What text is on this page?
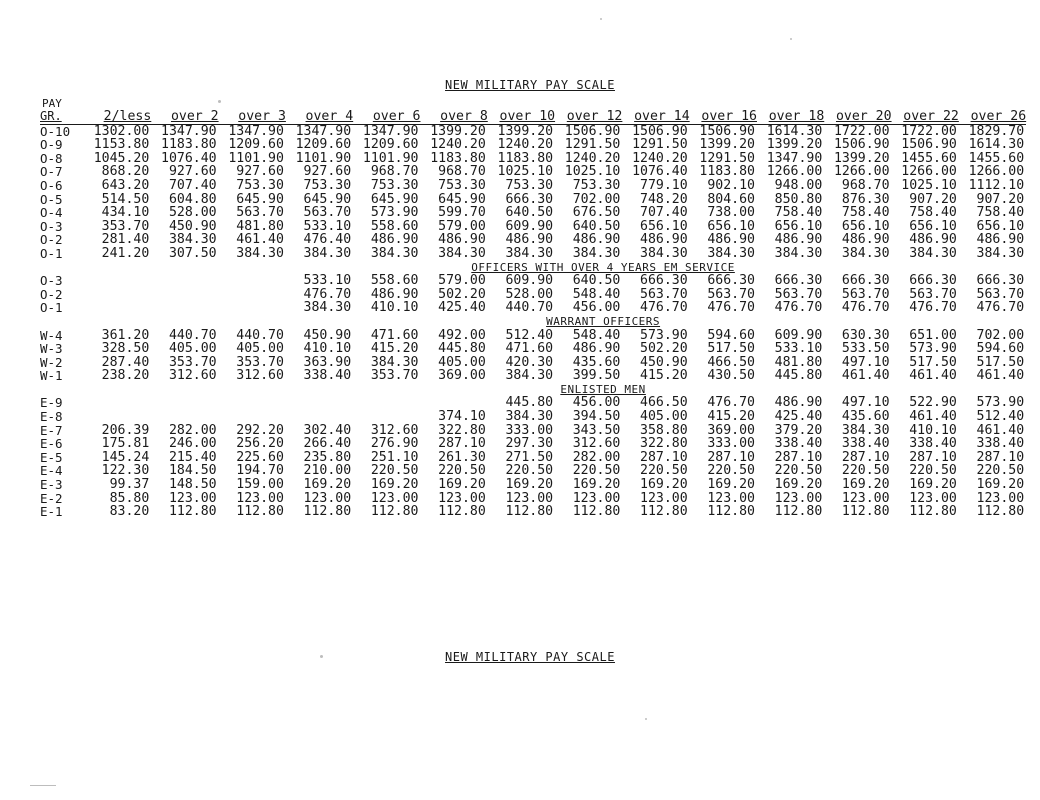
NEW MILITARY PAY SCALE
PAY
GR.	2/less	over 2	over 3	over 4	over 6	over 8	over 10	over 12	over 14	over 16	over 18	over 20	over 22	over 26
O-10	1302.00	1347.90	1347.90	1347.90	1347.90	1399.20	1399.20	1506.90	1506.90	1506.90	1614.30	1722.00	1722.00	1829.70
O-9	1153.80	1183.80	1209.60	1209.60	1209.60	1240.20	1240.20	1291.50	1291.50	1399.20	1399.20	1506.90	1506.90	1614.30
O-8	1045.20	1076.40	1101.90	1101.90	1101.90	1183.80	1183.80	1240.20	1240.20	1291.50	1347.90	1399.20	1455.60	1455.60
O-7	868.20	927.60	927.60	927.60	968.70	968.70	1025.10	1025.10	1076.40	1183.80	1266.00	1266.00	1266.00	1266.00
O-6	643.20	707.40	753.30	753.30	753.30	753.30	753.30	753.30	779.10	902.10	948.00	968.70	1025.10	1112.10
O-5	514.50	604.80	645.90	645.90	645.90	645.90	666.30	702.00	748.20	804.60	850.80	876.30	907.20	907.20
O-4	434.10	528.00	563.70	563.70	573.90	599.70	640.50	676.50	707.40	738.00	758.40	758.40	758.40	758.40
O-3	353.70	450.90	481.80	533.10	558.60	579.00	609.90	640.50	656.10	656.10	656.10	656.10	656.10	656.10
O-2	281.40	384.30	461.40	476.40	486.90	486.90	486.90	486.90	486.90	486.90	486.90	486.90	486.90	486.90
O-1	241.20	307.50	384.30	384.30	384.30	384.30	384.30	384.30	384.30	384.30	384.30	384.30	384.30	384.30
OFFICERS WITH OVER 4 YEARS EM SERVICE														
O-3				533.10	558.60	579.00	609.90	640.50	666.30	666.30	666.30	666.30	666.30	666.30
O-2				476.70	486.90	502.20	528.00	548.40	563.70	563.70	563.70	563.70	563.70	563.70
O-1				384.30	410.10	425.40	440.70	456.00	476.70	476.70	476.70	476.70	476.70	476.70
WARRANT OFFICERS														
W-4	361.20	440.70	440.70	450.90	471.60	492.00	512.40	548.40	573.90	594.60	609.90	630.30	651.00	702.00
W-3	328.50	405.00	405.00	410.10	415.20	445.80	471.60	486.90	502.20	517.50	533.10	533.50	573.90	594.60
W-2	287.40	353.70	353.70	363.90	384.30	405.00	420.30	435.60	450.90	466.50	481.80	497.10	517.50	517.50
W-1	238.20	312.60	312.60	338.40	353.70	369.00	384.30	399.50	415.20	430.50	445.80	461.40	461.40	461.40
ENLISTED MEN														
E-9							445.80	456.00	466.50	476.70	486.90	497.10	522.90	573.90
E-8						374.10	384.30	394.50	405.00	415.20	425.40	435.60	461.40	512.40
E-7	206.39	282.00	292.20	302.40	312.60	322.80	333.00	343.50	358.80	369.00	379.20	384.30	410.10	461.40
E-6	175.81	246.00	256.20	266.40	276.90	287.10	297.30	312.60	322.80	333.00	338.40	338.40	338.40	338.40
E-5	145.24	215.40	225.60	235.80	251.10	261.30	271.50	282.00	287.10	287.10	287.10	287.10	287.10	287.10
E-4	122.30	184.50	194.70	210.00	220.50	220.50	220.50	220.50	220.50	220.50	220.50	220.50	220.50	220.50
E-3	99.37	148.50	159.00	169.20	169.20	169.20	169.20	169.20	169.20	169.20	169.20	169.20	169.20	169.20
E-2	85.80	123.00	123.00	123.00	123.00	123.00	123.00	123.00	123.00	123.00	123.00	123.00	123.00	123.00
E-1	83.20	112.80	112.80	112.80	112.80	112.80	112.80	112.80	112.80	112.80	112.80	112.80	112.80	112.80
NEW MILITARY PAY SCALE
